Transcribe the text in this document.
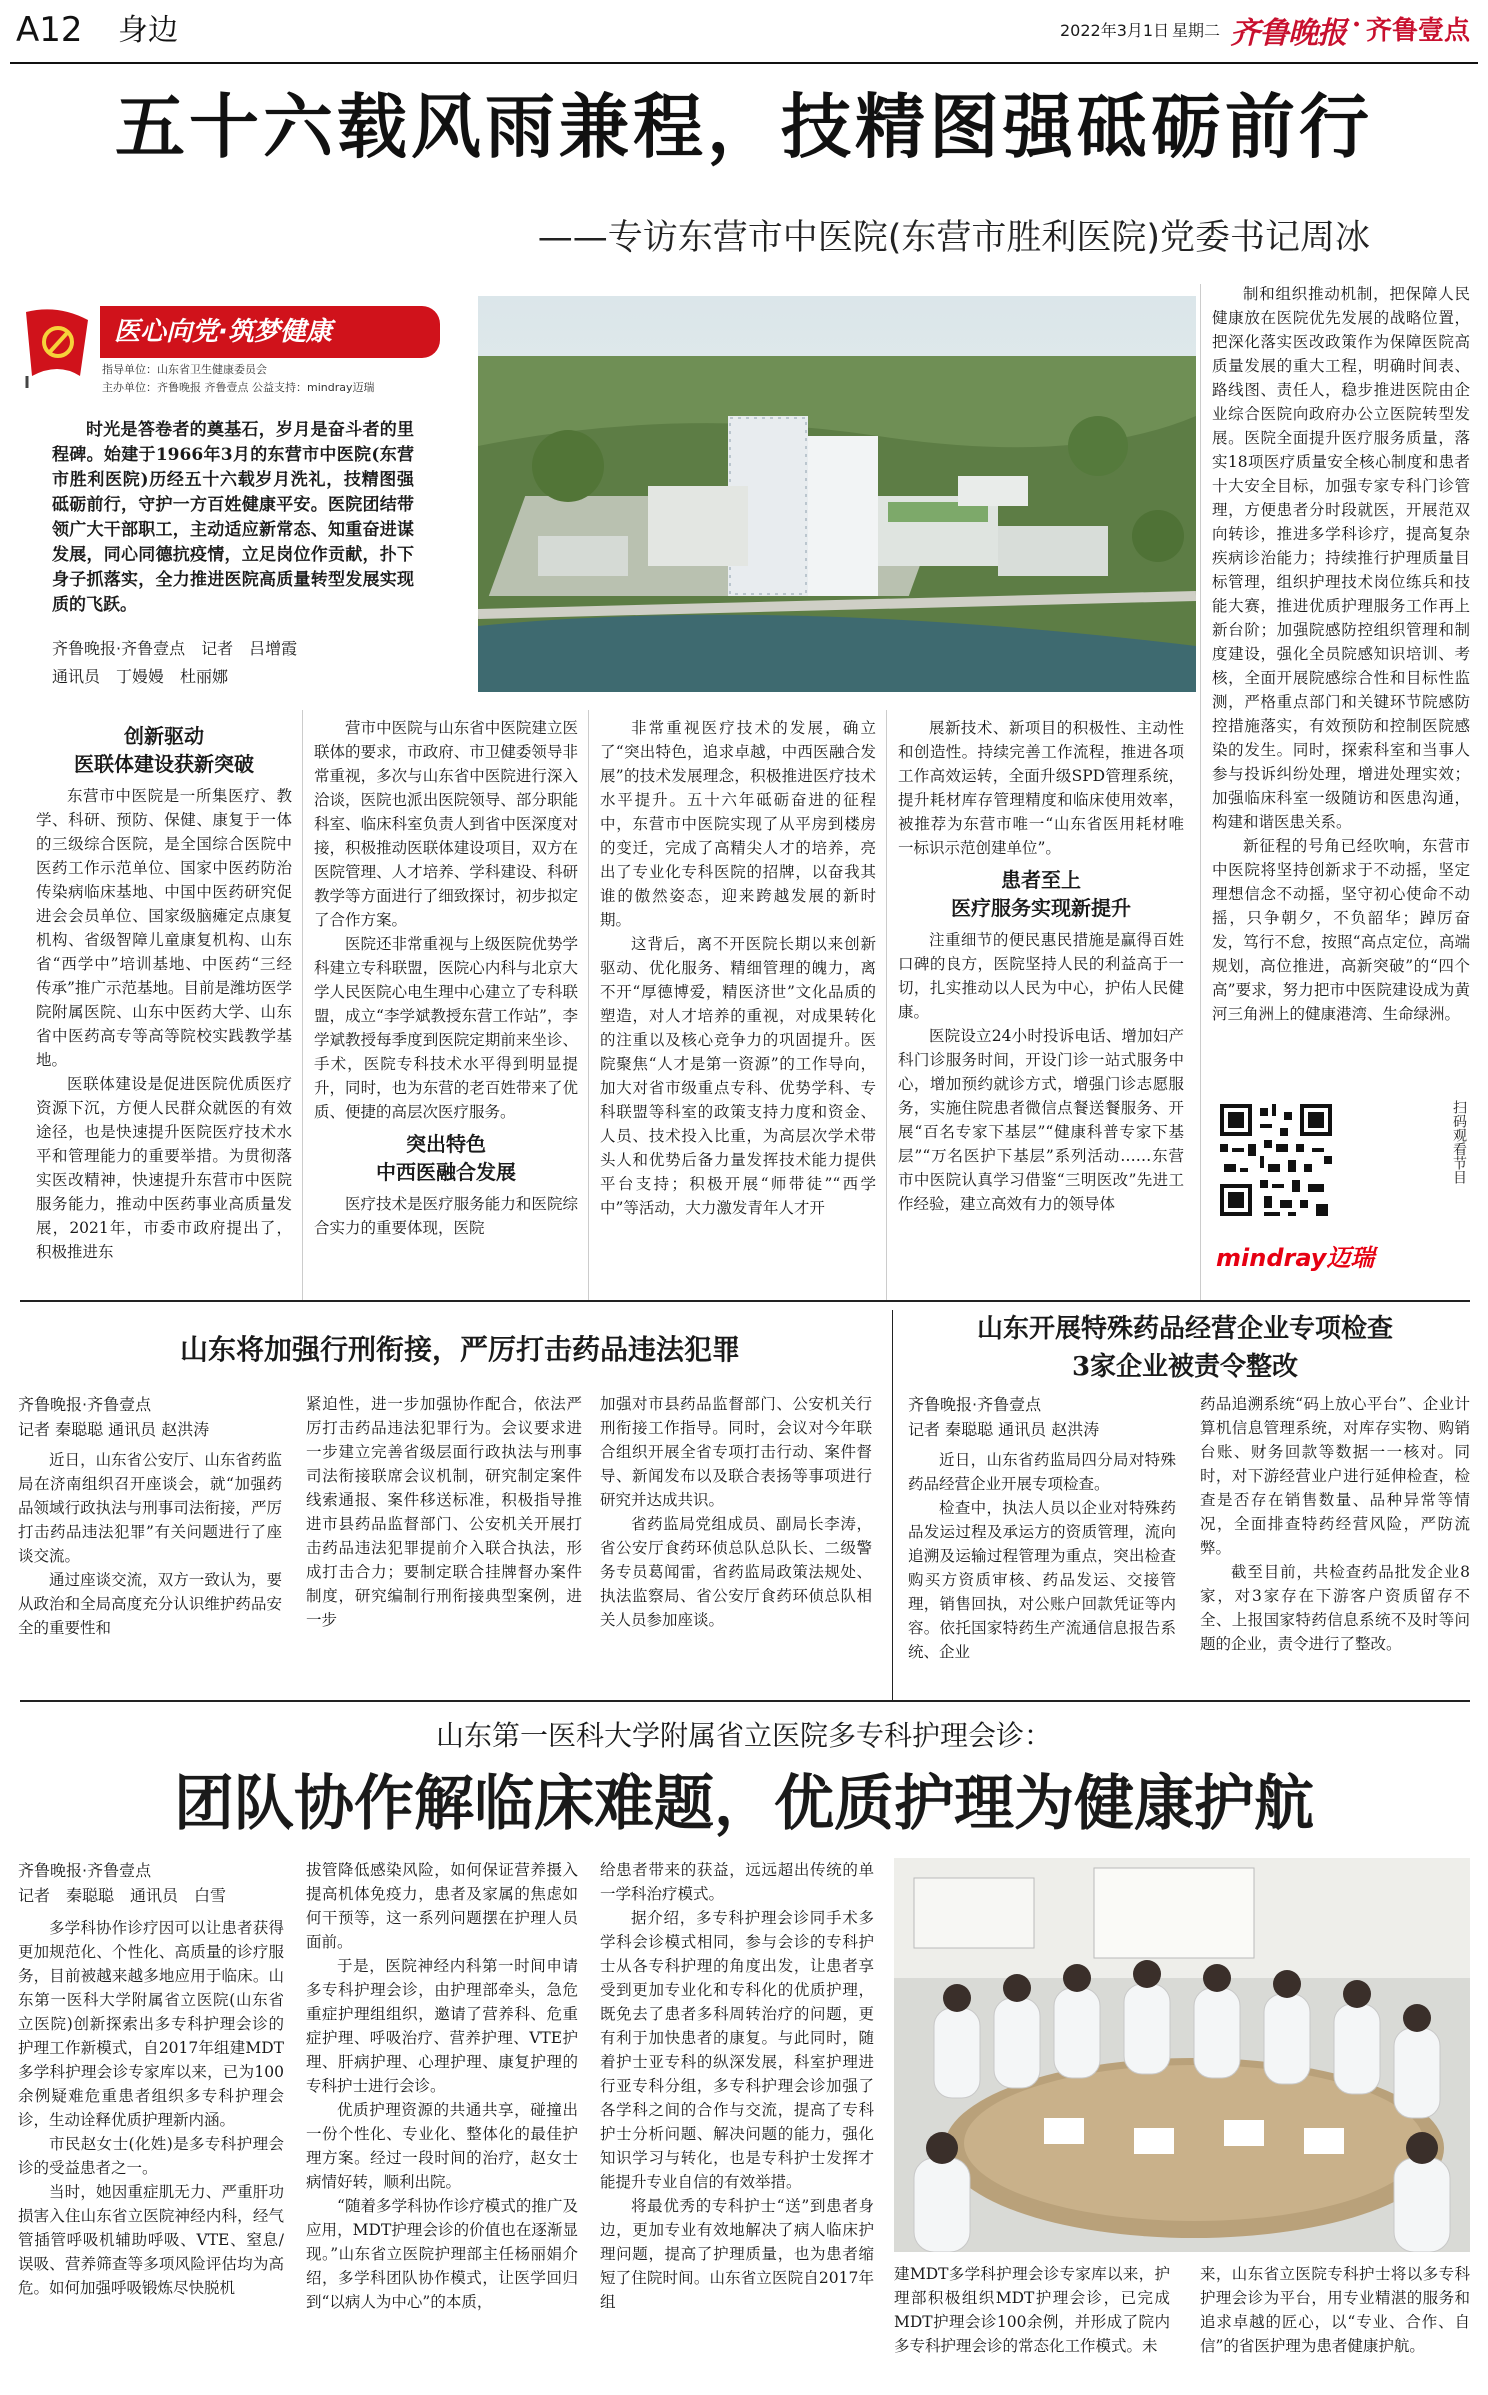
A12 身边	2022年3月1日 星期二 齐鲁晚报 · 齐鲁壹点
五十六载风雨兼程，技精图强砥砺前行
——专访东营市中医院(东营市胜利医院)党委书记周冰
医心向党·筑梦健康
指导单位：山东省卫生健康委员会
主办单位：齐鲁晚报 齐鲁壹点 公益支持：mindray迈瑞
时光是答卷者的奠基石，岁月是奋斗者的里程碑。始建于1966年3月的东营市中医院(东营市胜利医院)历经五十六载岁月洗礼，技精图强砥砺前行，守护一方百姓健康平安。医院团结带领广大干部职工，主动适应新常态、知重奋进谋发展，同心同德抗疫情，立足岗位作贡献，扑下身子抓落实，全力推进医院高质量转型发展实现质的飞跃。
齐鲁晚报·齐鲁壹点　记者　吕增霞
通讯员　丁嫚嫚　杜丽娜
创新驱动
医联体建设获新突破

东营市中医院是一所集医疗、教学、科研、预防、保健、康复于一体的三级综合医院，是全国综合医院中医药工作示范单位、国家中医药防治传染病临床基地、中国中医药研究促进会会员单位、国家级脑瘫定点康复机构、省级智障儿童康复机构、山东省“西学中”培训基地、中医药“三经传承”推广示范基地。目前是潍坊医学院附属医院、山东中医药大学、山东省中医药高专等高等院校实践教学基地。

医联体建设是促进医院优质医疗资源下沉，方便人民群众就医的有效途径，也是快速提升医院医疗技术水平和管理能力的重要举措。为贯彻落实医改精神，快速提升东营市中医院服务能力，推动中医药事业高质量发展，2021年，市委市政府提出了，积极推进东

营市中医院与山东省中医院建立医联体的要求，市政府、市卫健委领导非常重视，多次与山东省中医院进行深入洽谈，医院也派出医院领导、部分职能科室、临床科室负责人到省中医深度对接，积极推动医联体建设项目，双方在医院管理、人才培养、学科建设、科研教学等方面进行了细致探讨，初步拟定了合作方案。

医院还非常重视与上级医院优势学科建立专科联盟，医院心内科与北京大学人民医院心电生理中心建立了专科联盟，成立“李学斌教授东营工作站”，李学斌教授每季度到医院定期前来坐诊、手术，医院专科技术水平得到明显提升，同时，也为东营的老百姓带来了优质、便捷的高层次医疗服务。

突出特色
中西医融合发展

医疗技术是医疗服务能力和医院综合实力的重要体现，医院

非常重视医疗技术的发展，确立了“突出特色，追求卓越，中西医融合发展”的技术发展理念，积极推进医疗技术水平提升。五十六年砥砺奋进的征程中，东营市中医院实现了从平房到楼房的变迁，完成了高精尖人才的培养，亮出了专业化专科医院的招牌，以奋我其谁的傲然姿态，迎来跨越发展的新时期。

这背后，离不开医院长期以来创新驱动、优化服务、精细管理的魄力，离不开“厚德博爱，精医济世”文化品质的塑造，对人才培养的重视，对成果转化的注重以及核心竞争力的巩固提升。医院聚焦“人才是第一资源”的工作导向，加大对省市级重点专科、优势学科、专科联盟等科室的政策支持力度和资金、人员、技术投入比重，为高层次学术带头人和优势后备力量发挥技术能力提供平台支持；积极开展“师带徒”“西学中”等活动，大力激发青年人才开

展新技术、新项目的积极性、主动性和创造性。持续完善工作流程，推进各项工作高效运转，全面升级SPD管理系统，提升耗材库存管理精度和临床使用效率，被推荐为东营市唯一“山东省医用耗材唯一标识示范创建单位”。

患者至上
医疗服务实现新提升

注重细节的便民惠民措施是赢得百姓口碑的良方，医院坚持人民的利益高于一切，扎实推动以人民为中心，护佑人民健康。

医院设立24小时投诉电话、增加妇产科门诊服务时间，开设门诊一站式服务中心，增加预约就诊方式，增强门诊志愿服务，实施住院患者微信点餐送餐服务、开展“百名专家下基层”“健康科普专家下基层”“万名医护下基层”系列活动……东营市中医院认真学习借鉴“三明医改”先进工作经验，建立高效有力的领导体

制和组织推动机制，把保障人民健康放在医院优先发展的战略位置，把深化落实医改政策作为保障医院高质量发展的重大工程，明确时间表、路线图、责任人，稳步推进医院由企业综合医院向政府办公立医院转型发展。医院全面提升医疗服务质量，落实18项医疗质量安全核心制度和患者十大安全目标，加强专家专科门诊管理，方便患者分时段就医，开展范双向转诊，推进多学科诊疗，提高复杂疾病诊治能力；持续推行护理质量目标管理，组织护理技术岗位练兵和技能大赛，推进优质护理服务工作再上新台阶；加强院感防控组织管理和制度建设，强化全员院感知识培训、考核，全面开展院感综合性和目标性监测，严格重点部门和关键环节院感防控措施落实，有效预防和控制医院感染的发生。同时，探索科室和当事人参与投诉纠纷处理，增进处理实效；加强临床科室一级随访和医患沟通，构建和谐医患关系。

新征程的号角已经吹响，东营市中医院将坚持创新求于不动摇，坚定理想信念不动摇，坚守初心使命不动摇，只争朝夕，不负韶华；踔厉奋发，笃行不怠，按照“高点定位，高端规划，高位推进，高新突破”的“四个高”要求，努力把市中医院建设成为黄河三角洲上的健康港湾、生命绿洲。

扫码观看节目
mindray迈瑞
山东将加强行刑衔接，严厉打击药品违法犯罪
齐鲁晚报·齐鲁壹点
记者 秦聪聪 通讯员 赵洪涛

近日，山东省公安厅、山东省药监局在济南组织召开座谈会，就“加强药品领域行政执法与刑事司法衔接，严厉打击药品违法犯罪”有关问题进行了座谈交流。

通过座谈交流，双方一致认为，要从政治和全局高度充分认识维护药品安全的重要性和

紧迫性，进一步加强协作配合，依法严厉打击药品违法犯罪行为。会议要求进一步建立完善省级层面行政执法与刑事司法衔接联席会议机制，研究制定案件线索通报、案件移送标准，积极指导推进市县药品监督部门、公安机关开展打击药品违法犯罪提前介入联合执法，形成打击合力；要制定联合挂牌督办案件制度，研究编制行刑衔接典型案例，进一步

加强对市县药品监督部门、公安机关行刑衔接工作指导。同时，会议对今年联合组织开展全省专项打击行动、案件督导、新闻发布以及联合表扬等事项进行研究并达成共识。

省药监局党组成员、副局长李涛，省公安厅食药环侦总队总队长、二级警务专员葛闻雷，省药监局政策法规处、执法监察局、省公安厅食药环侦总队相关人员参加座谈。

山东开展特殊药品经营企业专项检查
3家企业被责令整改
齐鲁晚报·齐鲁壹点
记者 秦聪聪 通讯员 赵洪涛

近日，山东省药监局四分局对特殊药品经营企业开展专项检查。

检查中，执法人员以企业对特殊药品发运过程及承运方的资质管理，流向追溯及运输过程管理为重点，突出检查购买方资质审核、药品发运、交接管理，销售回执，对公账户回款凭证等内容。依托国家特药生产流通信息报告系统、企业

药品追溯系统“码上放心平台”、企业计算机信息管理系统，对库存实物、购销台账、财务回款等数据一一核对。同时，对下游经营业户进行延伸检查，检查是否存在销售数量、品种异常等情况，全面排查特药经营风险，严防流弊。

截至目前，共检查药品批发企业8家，对3家存在下游客户资质留存不全、上报国家特药信息系统不及时等问题的企业，责令进行了整改。

山东第一医科大学附属省立医院多专科护理会诊：
团队协作解临床难题，优质护理为健康护航
齐鲁晚报·齐鲁壹点
记者　秦聪聪　通讯员　白雪

多学科协作诊疗因可以让患者获得更加规范化、个性化、高质量的诊疗服务，目前被越来越多地应用于临床。山东第一医科大学附属省立医院(山东省立医院)创新探索出多专科护理会诊的护理工作新模式，自2017年组建MDT多学科护理会诊专家库以来，已为100余例疑难危重患者组织多专科护理会诊，生动诠释优质护理新内涵。

市民赵女士(化姓)是多专科护理会诊的受益患者之一。

当时，她因重症肌无力、严重肝功损害入住山东省立医院神经内科，经气管插管呼吸机辅助呼吸、VTE、窒息/误吸、营养筛查等多项风险评估均为高危。如何加强呼吸锻炼尽快脱机

拔管降低感染风险，如何保证营养摄入提高机体免疫力，患者及家属的焦虑如何干预等，这一系列问题摆在护理人员面前。

于是，医院神经内科第一时间申请多专科护理会诊，由护理部牵头，急危重症护理组组织，邀请了营养科、危重症护理、呼吸治疗、营养护理、VTE护理、肝病护理、心理护理、康复护理的专科护士进行会诊。

优质护理资源的共通共享，碰撞出一份个性化、专业化、整体化的最佳护理方案。经过一段时间的治疗，赵女士病情好转，顺利出院。

“随着多学科协作诊疗模式的推广及应用，MDT护理会诊的价值也在逐渐显现。”山东省立医院护理部主任杨丽娟介绍，多学科团队协作模式，让医学回归到“以病人为中心”的本质，

给患者带来的获益，远远超出传统的单一学科治疗模式。

据介绍，多专科护理会诊同手术多学科会诊模式相同，参与会诊的专科护士从各专科护理的角度出发，让患者享受到更加专业化和专科化的优质护理，既免去了患者多科周转治疗的问题，更有利于加快患者的康复。与此同时，随着护士亚专科的纵深发展，科室护理进行亚专科分组，多专科护理会诊加强了各学科之间的合作与交流，提高了专科护士分析问题、解决问题的能力，强化知识学习与转化，也是专科护士发挥才能提升专业自信的有效举措。

将最优秀的专科护士“送”到患者身边，更加专业有效地解决了病人临床护理问题，提高了护理质量，也为患者缩短了住院时间。山东省立医院自2017年组

建MDT多学科护理会诊专家库以来，护理部积极组织MDT护理会诊，已完成MDT护理会诊100余例，并形成了院内多专科护理会诊的常态化工作模式。未

来，山东省立医院专科护士将以多专科护理会诊为平台，用专业精湛的服务和追求卓越的匠心，以“专业、合作、自信”的省医护理为患者健康护航。
